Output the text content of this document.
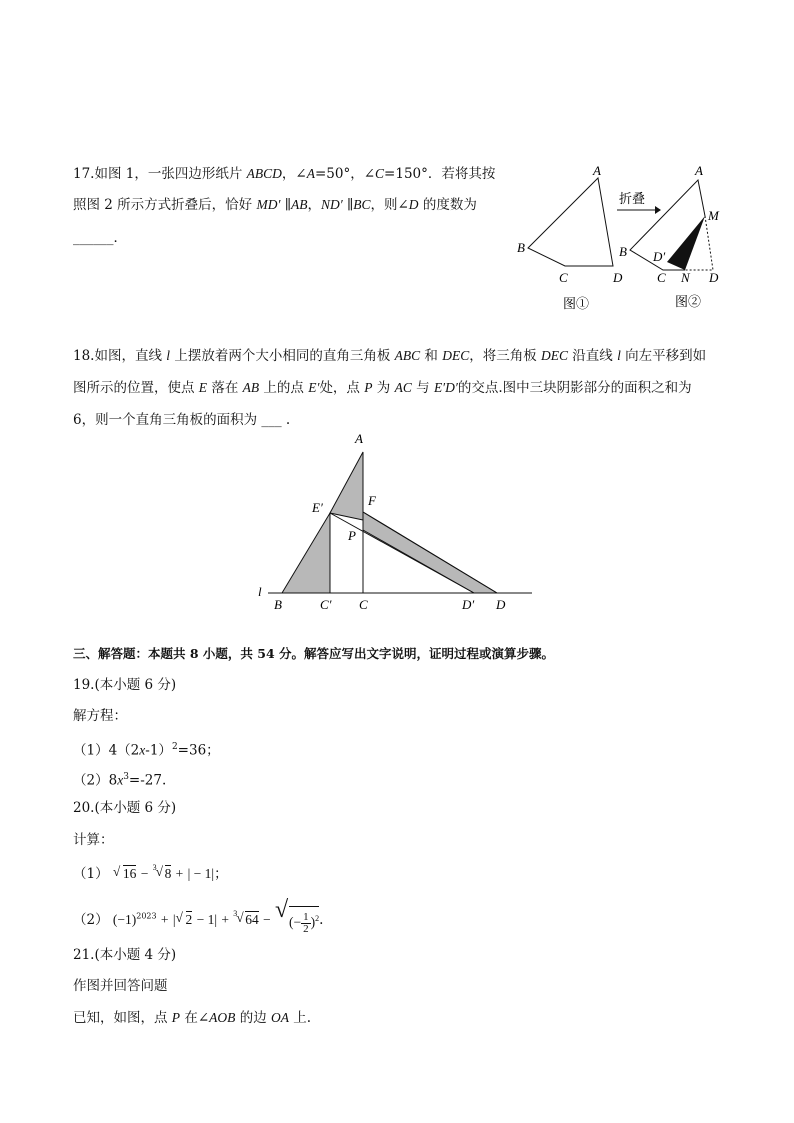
17.如图 1，一张四边形纸片 ABCD，∠A=50°，∠C=150°．若将其按
照图 2 所示方式折叠后，恰好 MD′ ∥AB，ND′ ∥BC，则∠D 的度数为
______．
A
B
C	D
图①
折叠
A
M
B D′
C N D
图②
18.如图，直线 l 上摆放着两个大小相同的直角三角板 ABC 和 DEC，将三角板 DEC 沿直线 l 向左平移到如
图所示的位置，使点 E 落在 AB 上的点 E′处，点 P 为 AC 与 E′D′的交点.图中三块阴影部分的面积之和为
6，则一个直角三角板的面积为 ___ .
A
F
E′
P
l
B	C′ C	D′ D
三、解答题：本题共 8 小题，共 54 分。解答应写出文字说明，证明过程或演算步骤。
19.(本小题 6 分)
解方程：
$(1)4(2x-1)^2=36$；
$(2)8x^3=-27$.
20.(本小题 6 分)
计算：
（1） √ 16 − 3 √ 8 + | − 1|；
（2） $(-1)^{2023}$ + | √ 2 − 1| + 3 √ 64 − √ (− $\frac{1}{2} )^2$.
21.(本小题 4 分)
作图并回答问题
已知，如图，点 P 在∠AOB 的边 OA 上.
